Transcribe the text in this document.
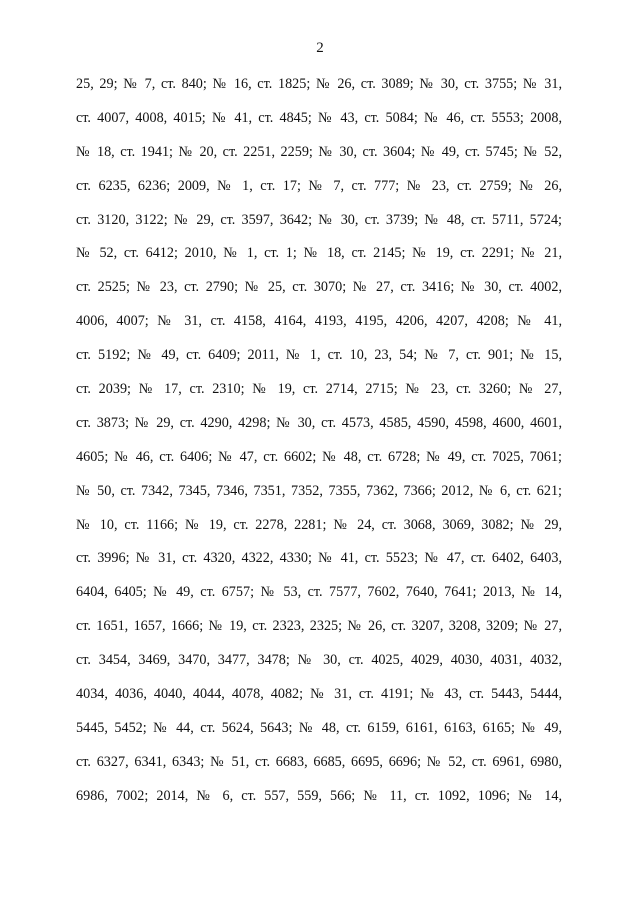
2
25, 29; № 7, ст. 840; № 16, ст. 1825; № 26, ст. 3089; № 30, ст. 3755; № 31,
ст. 4007, 4008, 4015; № 41, ст. 4845; № 43, ст. 5084; № 46, ст. 5553; 2008,
№ 18, ст. 1941; № 20, ст. 2251, 2259; № 30, ст. 3604; № 49, ст. 5745; № 52,
ст. 6235, 6236; 2009, № 1, ст. 17; № 7, ст. 777; № 23, ст. 2759; № 26,
ст. 3120, 3122; № 29, ст. 3597, 3642; № 30, ст. 3739; № 48, ст. 5711, 5724;
№ 52, ст. 6412; 2010, № 1, ст. 1; № 18, ст. 2145; № 19, ст. 2291; № 21,
ст. 2525; № 23, ст. 2790; № 25, ст. 3070; № 27, ст. 3416; № 30, ст. 4002,
4006, 4007; № 31, ст. 4158, 4164, 4193, 4195, 4206, 4207, 4208; № 41,
ст. 5192; № 49, ст. 6409; 2011, № 1, ст. 10, 23, 54; № 7, ст. 901; № 15,
ст. 2039; № 17, ст. 2310; № 19, ст. 2714, 2715; № 23, ст. 3260; № 27,
ст. 3873; № 29, ст. 4290, 4298; № 30, ст. 4573, 4585, 4590, 4598, 4600, 4601,
4605; № 46, ст. 6406; № 47, ст. 6602; № 48, ст. 6728; № 49, ст. 7025, 7061;
№ 50, ст. 7342, 7345, 7346, 7351, 7352, 7355, 7362, 7366; 2012, № 6, ст. 621;
№ 10, ст. 1166; № 19, ст. 2278, 2281; № 24, ст. 3068, 3069, 3082; № 29,
ст. 3996; № 31, ст. 4320, 4322, 4330; № 41, ст. 5523; № 47, ст. 6402, 6403,
6404, 6405; № 49, ст. 6757; № 53, ст. 7577, 7602, 7640, 7641; 2013, № 14,
ст. 1651, 1657, 1666; № 19, ст. 2323, 2325; № 26, ст. 3207, 3208, 3209; № 27,
ст. 3454, 3469, 3470, 3477, 3478; № 30, ст. 4025, 4029, 4030, 4031, 4032,
4034, 4036, 4040, 4044, 4078, 4082; № 31, ст. 4191; № 43, ст. 5443, 5444,
5445, 5452; № 44, ст. 5624, 5643; № 48, ст. 6159, 6161, 6163, 6165; № 49,
ст. 6327, 6341, 6343; № 51, ст. 6683, 6685, 6695, 6696; № 52, ст. 6961, 6980,
6986, 7002; 2014, № 6, ст. 557, 559, 566; № 11, ст. 1092, 1096; № 14,
